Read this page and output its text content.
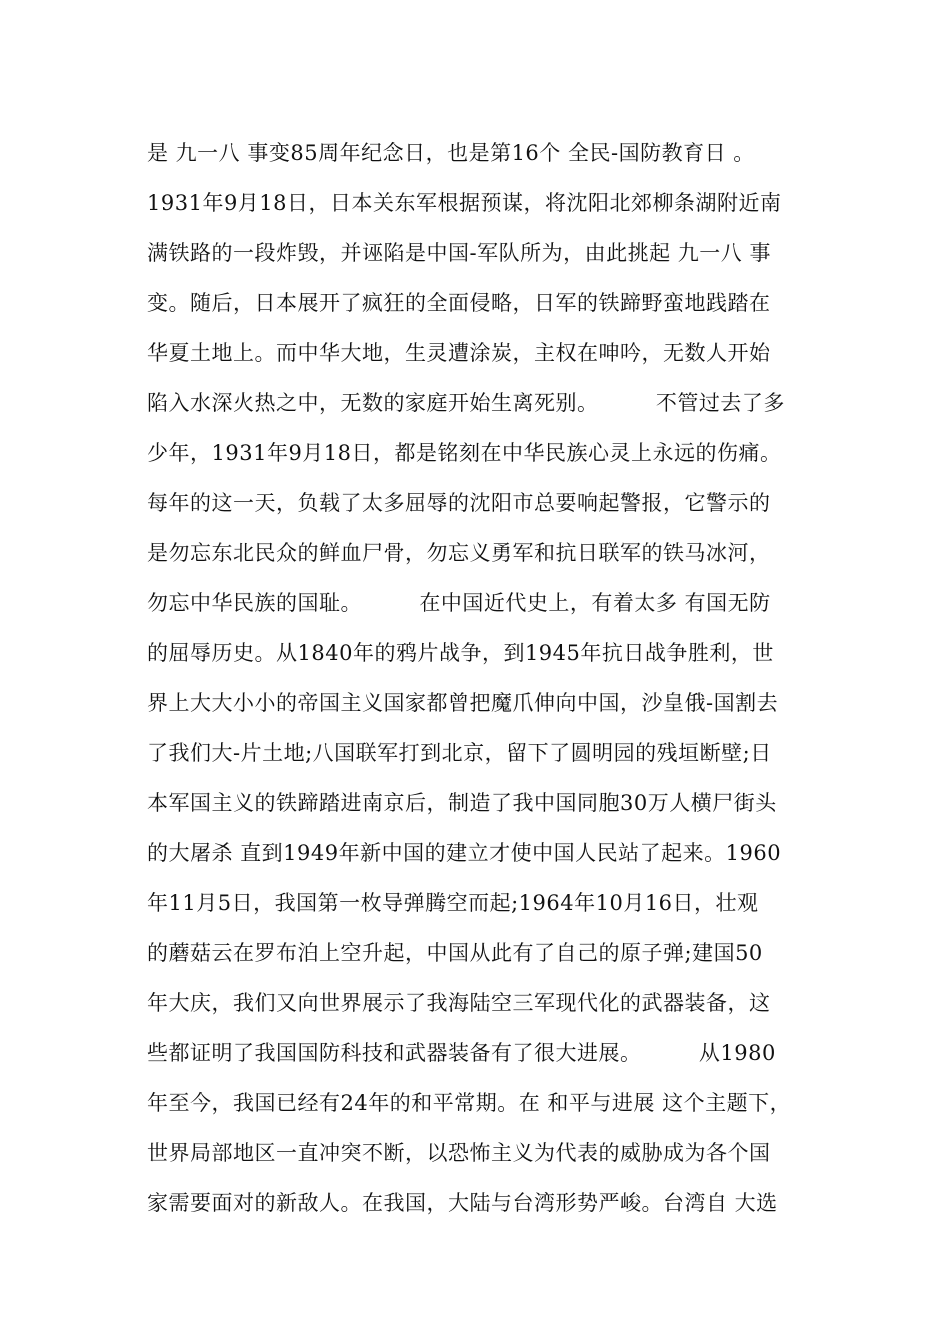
是 九一八 事变85周年纪念日，也是第16个 全民-国防教育日 。
1931年9月18日，日本关东军根据预谋，将沈阳北郊柳条湖附近南
满铁路的一段炸毁，并诬陷是中国-军队所为，由此挑起 九一八 事
变。随后，日本展开了疯狂的全面侵略，日军的铁蹄野蛮地践踏在
华夏土地上。而中华大地，生灵遭涂炭，主权在呻吟，无数人开始
陷入水深火热之中，无数的家庭开始生离死别。        不管过去了多
少年，1931年9月18日，都是铭刻在中华民族心灵上永远的伤痛。
每年的这一天，负载了太多屈辱的沈阳市总要响起警报，它警示的
是勿忘东北民众的鲜血尸骨，勿忘义勇军和抗日联军的铁马冰河，
勿忘中华民族的国耻。        在中国近代史上，有着太多 有国无防
的屈辱历史。从1840年的鸦片战争，到1945年抗日战争胜利，世
界上大大小小的帝国主义国家都曾把魔爪伸向中国，沙皇俄-国割去
了我们大-片土地;八国联军打到北京，留下了圆明园的残垣断壁;日
本军国主义的铁蹄踏进南京后，制造了我中国同胞30万人横尸街头
的大屠杀 直到1949年新中国的建立才使中国人民站了起来。1960
年11月5日，我国第一枚导弹腾空而起;1964年10月16日，壮观
的蘑菇云在罗布泊上空升起，中国从此有了自己的原子弹;建国50
年大庆，我们又向世界展示了我海陆空三军现代化的武器装备，这
些都证明了我国国防科技和武器装备有了很大进展。        从1980
年至今，我国已经有24年的和平常期。在 和平与进展 这个主题下，
世界局部地区一直冲突不断，以恐怖主义为代表的威胁成为各个国
家需要面对的新敌人。在我国，大陆与台湾形势严峻。台湾自 大选
